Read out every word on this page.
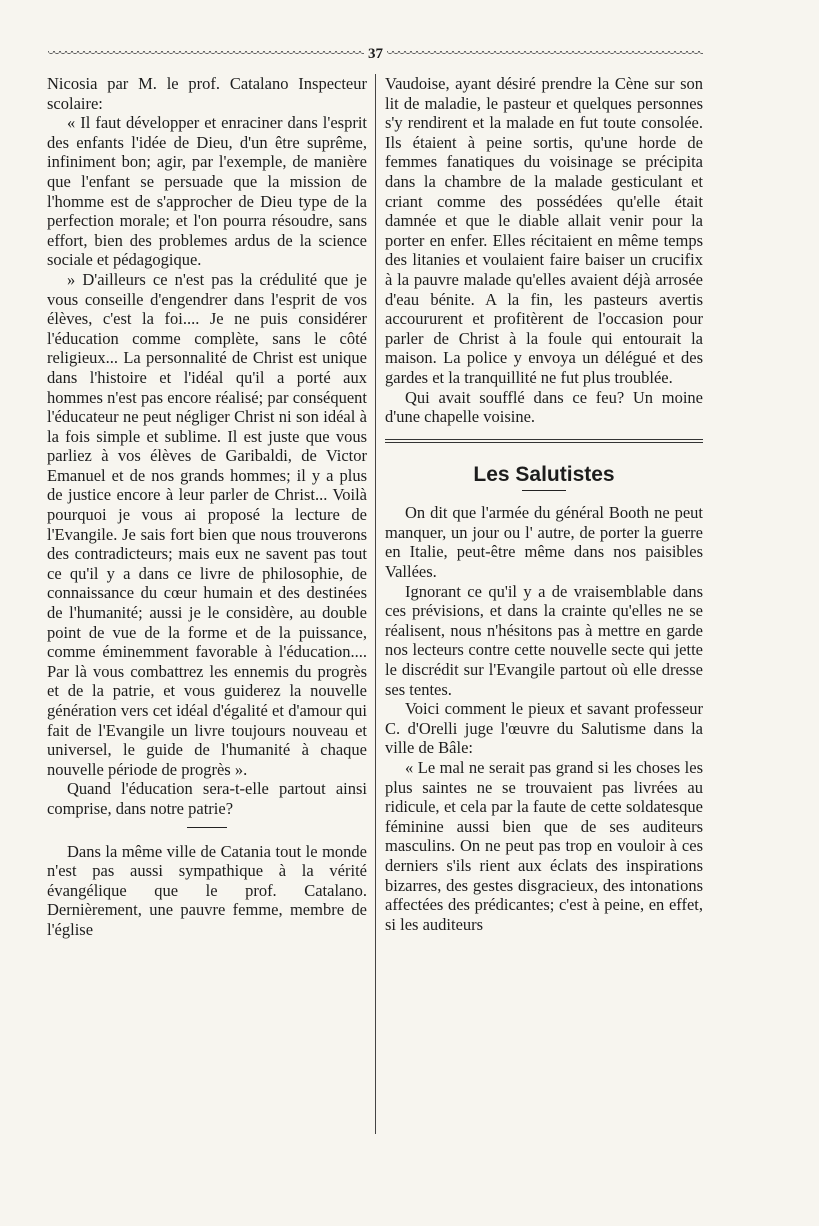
37

Nicosia par M. le prof. Catalano Inspecteur scolaire:

« Il faut développer et enraciner dans l'esprit des enfants l'idée de Dieu, d'un être suprême, infiniment bon; agir, par l'exemple, de manière que l'enfant se persuade que la mission de l'homme est de s'approcher de Dieu type de la perfection morale; et l'on pourra résoudre, sans effort, bien des problemes ardus de la science sociale et pédagogique.

» D'ailleurs ce n'est pas la crédulité que je vous conseille d'engendrer dans l'esprit de vos élèves, c'est la foi.... Je ne puis considérer l'éducation comme complète, sans le côté religieux... La personnalité de Christ est unique dans l'histoire et l'idéal qu'il a porté aux hommes n'est pas encore réalisé; par conséquent l'éducateur ne peut négliger Christ ni son idéal à la fois simple et sublime. Il est juste que vous parliez à vos élèves de Garibaldi, de Victor Emanuel et de nos grands hommes; il y a plus de justice encore à leur parler de Christ... Voilà pourquoi je vous ai proposé la lecture de l'Evangile. Je sais fort bien que nous trouverons des contradicteurs; mais eux ne savent pas tout ce qu'il y a dans ce livre de philosophie, de connaissance du cœur humain et des destinées de l'humanité; aussi je le considère, au double point de vue de la forme et de la puissance, comme éminemment favorable à l'éducation.... Par là vous combattrez les ennemis du progrès et de la patrie, et vous guiderez la nouvelle génération vers cet idéal d'égalité et d'amour qui fait de l'Evangile un livre toujours nouveau et universel, le guide de l'humanité à chaque nouvelle période de progrès ».

Quand l'éducation sera-t-elle partout ainsi comprise, dans notre patrie?

Dans la même ville de Catania tout le monde n'est pas aussi sympathique à la vérité évangélique que le prof. Catalano. Dernièrement, une pauvre femme, membre de l'église

Vaudoise, ayant désiré prendre la Cène sur son lit de maladie, le pasteur et quelques personnes s'y rendirent et la malade en fut toute consolée. Ils étaient à peine sortis, qu'une horde de femmes fanatiques du voisinage se précipita dans la chambre de la malade gesticulant et criant comme des possédées qu'elle était damnée et que le diable allait venir pour la porter en enfer. Elles récitaient en même temps des litanies et voulaient faire baiser un crucifix à la pauvre malade qu'elles avaient déjà arrosée d'eau bénite. A la fin, les pasteurs avertis accoururent et profitèrent de l'occasion pour parler de Christ à la foule qui entourait la maison. La police y envoya un délégué et des gardes et la tranquillité ne fut plus troublée.

Qui avait soufflé dans ce feu? Un moine d'une chapelle voisine.

Les Salutistes

On dit que l'armée du général Booth ne peut manquer, un jour ou l' autre, de porter la guerre en Italie, peut-être même dans nos paisibles Vallées.

Ignorant ce qu'il y a de vraisemblable dans ces prévisions, et dans la crainte qu'elles ne se réalisent, nous n'hésitons pas à mettre en garde nos lecteurs contre cette nouvelle secte qui jette le discrédit sur l'Evangile partout où elle dresse ses tentes.

Voici comment le pieux et savant professeur C. d'Orelli juge l'œuvre du Salutisme dans la ville de Bâle:

« Le mal ne serait pas grand si les choses les plus saintes ne se trouvaient pas livrées au ridicule, et cela par la faute de cette soldatesque féminine aussi bien que de ses auditeurs masculins. On ne peut pas trop en vouloir à ces derniers s'ils rient aux éclats des inspirations bizarres, des gestes disgracieux, des intonations affectées des prédicantes; c'est à peine, en effet, si les auditeurs
